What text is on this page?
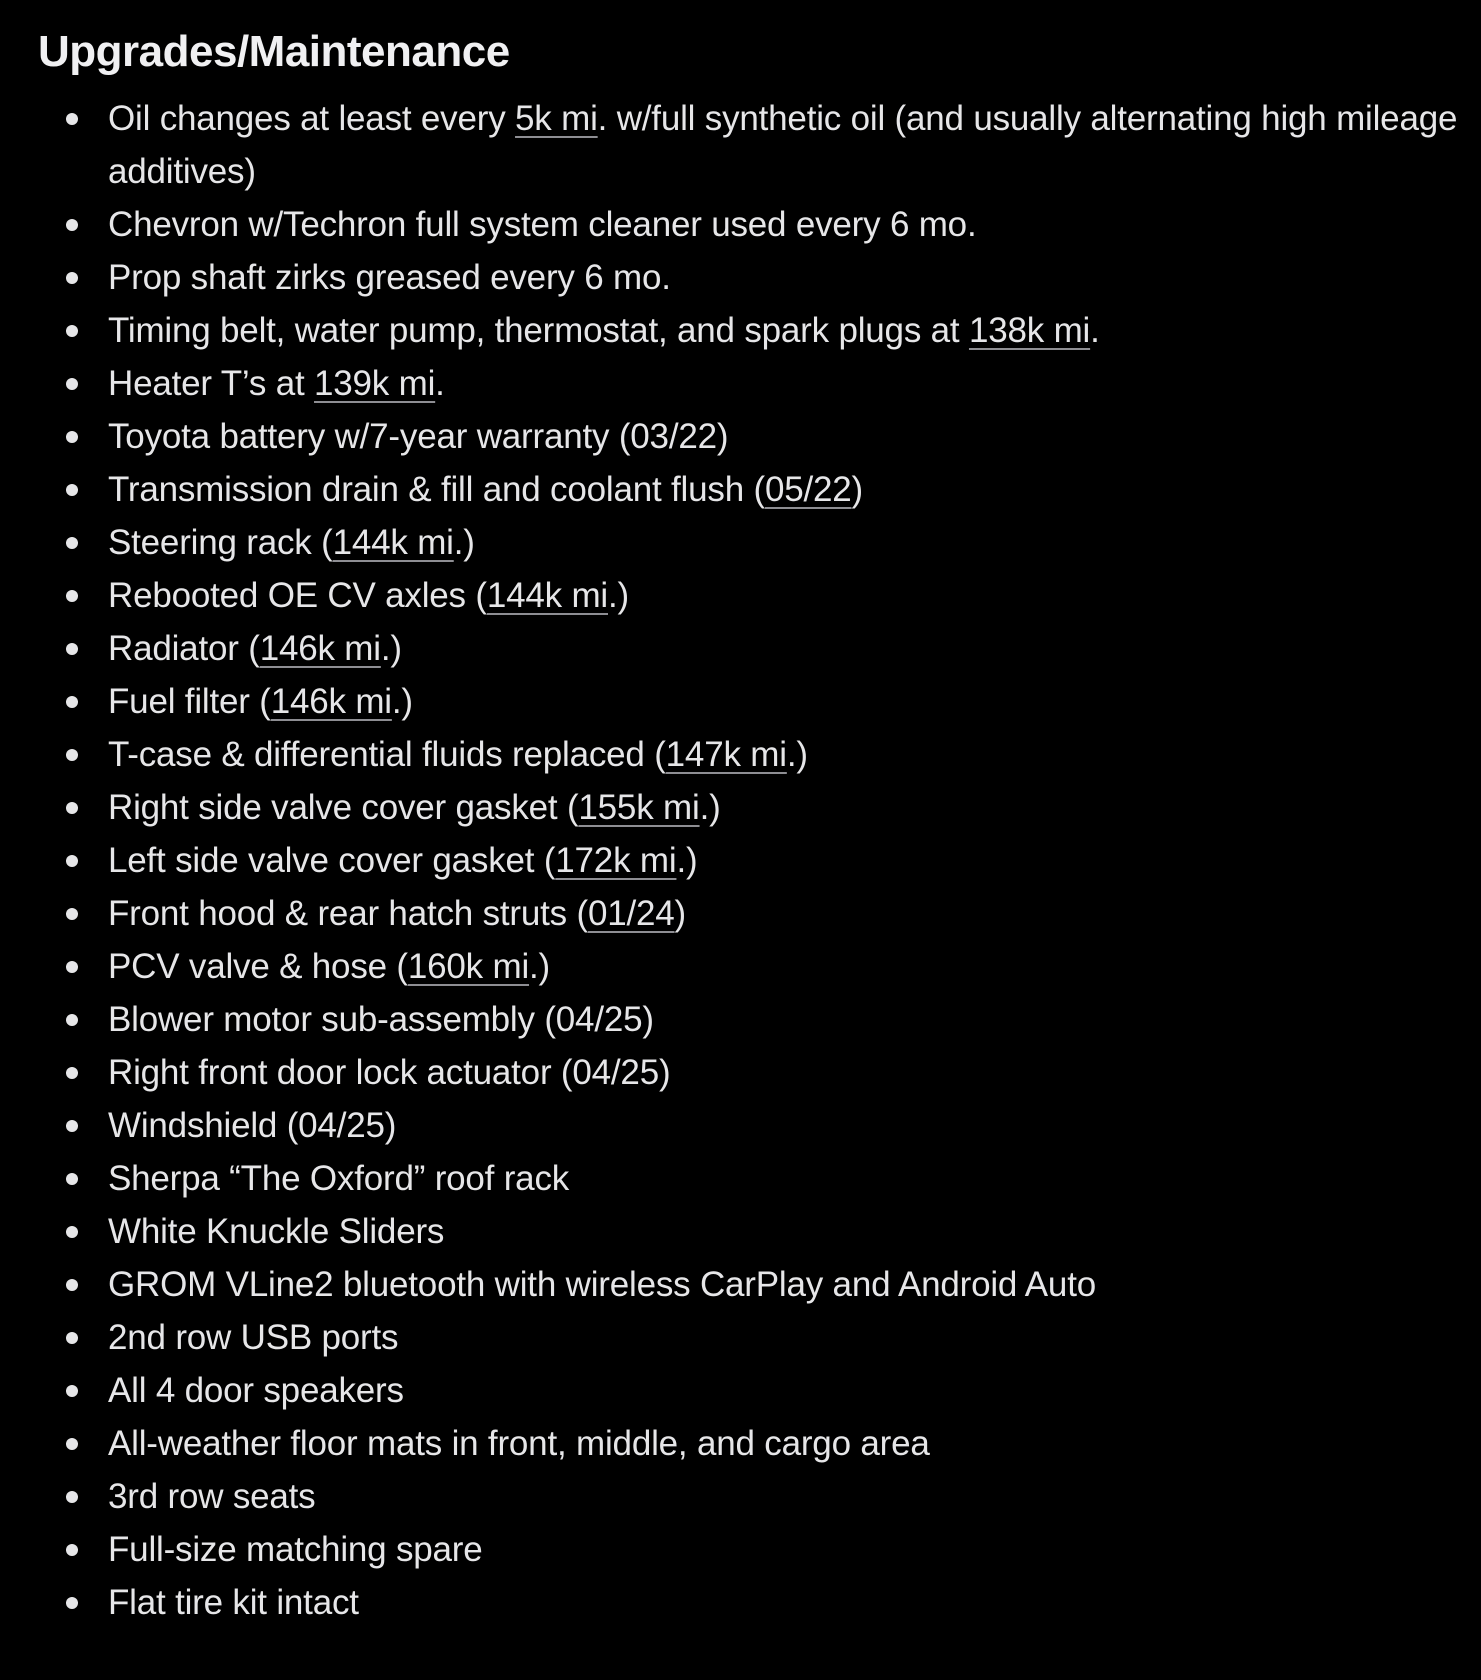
Upgrades/Maintenance
Oil changes at least every 5k mi. w/full synthetic oil (and usually alternating high mileage additives)
Chevron w/Techron full system cleaner used every 6 mo.
Prop shaft zirks greased every 6 mo.
Timing belt, water pump, thermostat, and spark plugs at 138k mi.
Heater T’s at 139k mi.
Toyota battery w/7-year warranty (03/22)
Transmission drain & fill and coolant flush (05/22)
Steering rack (144k mi.)
Rebooted OE CV axles (144k mi.)
Radiator (146k mi.)
Fuel filter (146k mi.)
T-case & differential fluids replaced (147k mi.)
Right side valve cover gasket (155k mi.)
Left side valve cover gasket (172k mi.)
Front hood & rear hatch struts (01/24)
PCV valve & hose (160k mi.)
Blower motor sub-assembly (04/25)
Right front door lock actuator (04/25)
Windshield (04/25)
Sherpa “The Oxford” roof rack
White Knuckle Sliders
GROM VLine2 bluetooth with wireless CarPlay and Android Auto
2nd row USB ports
All 4 door speakers
All-weather floor mats in front, middle, and cargo area
3rd row seats
Full-size matching spare
Flat tire kit intact
